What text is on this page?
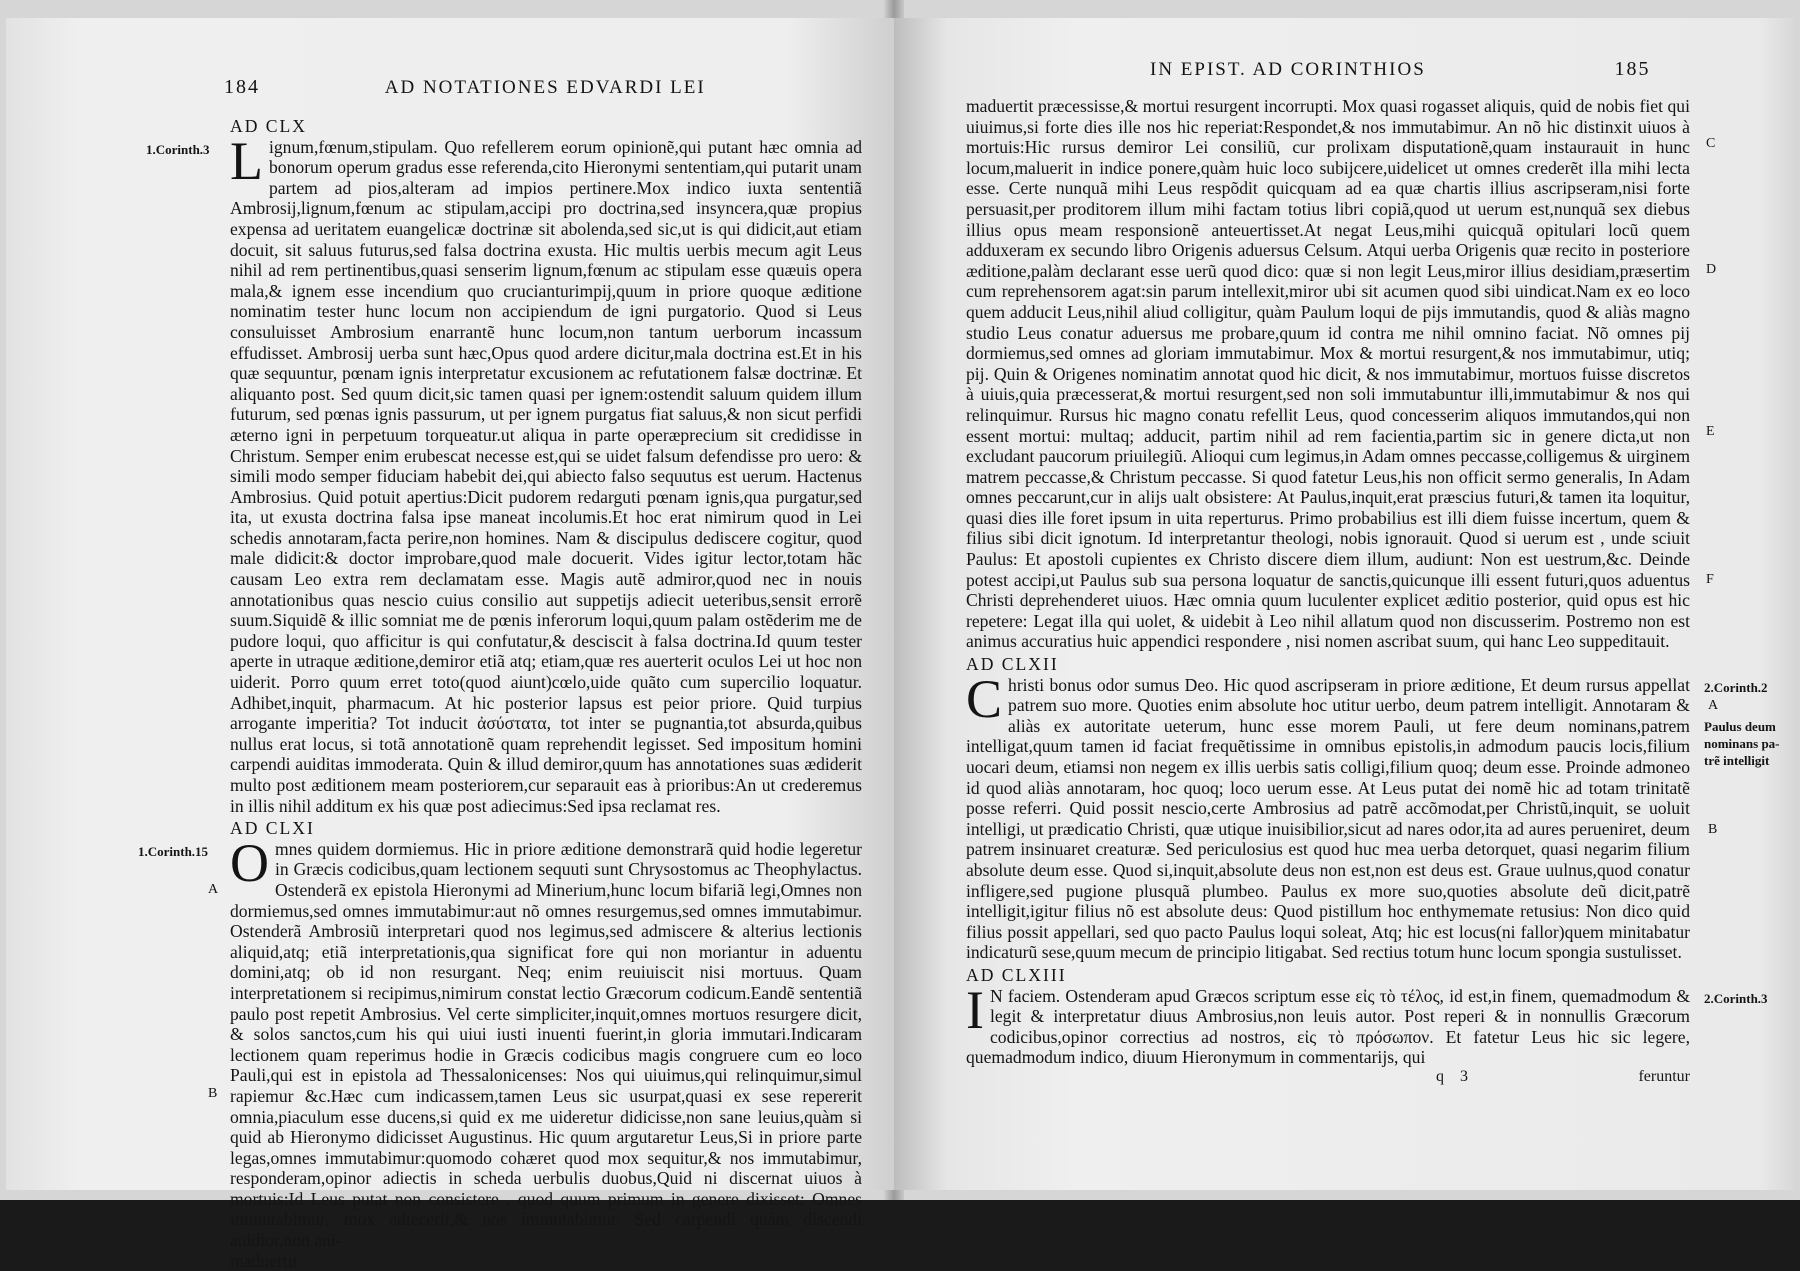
184	AD NOTATIONES EDVARDI LEI

AD CLX

1.Corinth.3 Lignum,fœnum,stipulam. Quo refellerem eorum opinionẽ,qui putant hæc omnia ad bonorum operum gradus esse referenda,cito Hieronymi sententiam,qui putarit unam partem ad pios,alteram ad impios pertinere.Mox indico iuxta sententiã Ambrosij,lignum,fœnum ac stipulam,accipi pro doctrina,sed insyncera,quæ propius expensa ad ueritatem euangelicæ doctrinæ sit abolenda,sed sic,ut is qui didicit,aut etiam docuit, sit saluus futurus,sed falsa doctrina exusta. Hic multis uerbis mecum agit Leus nihil ad rem pertinentibus,quasi senserim lignum,fœnum ac stipulam esse quæuis opera mala,& ignem esse incendium quo crucianturimpij,quum in priore quoque æditione nominatim tester hunc locum non accipiendum de igni purgatorio. Quod si Leus consuluisset Ambrosium enarrantẽ hunc locum,non tantum uerborum incassum effudisset. Ambrosij uerba sunt hæc,Opus quod ardere dicitur,mala doctrina est.Et in his quæ sequuntur, pœnam ignis interpretatur excusionem ac refutationem falsæ doctrinæ. Et aliquanto post. Sed quum dicit,sic tamen quasi per ignem:ostendit saluum quidem illum futurum, sed pœnas ignis passurum, ut per ignem purgatus fiat saluus,& non sicut perfidi æterno igni in perpetuum torqueatur.ut aliqua in parte operæprecium sit credidisse in Christum. Semper enim erubescat necesse est,qui se uidet falsum defendisse pro uero: & simili modo semper fiduciam habebit dei,qui abiecto falso sequutus est uerum. Hactenus Ambrosius. Quid potuit apertius:Dicit pudorem redarguti pœnam ignis,qua purgatur,sed ita, ut exusta doctrina falsa ipse maneat incolumis.Et hoc erat nimirum quod in Lei schedis annotaram,facta perire,non homines. Nam & discipulus dediscere cogitur, quod male didicit:& doctor improbare,quod male docuerit. Vides igitur lector,totam hãc causam Leo extra rem declamatam esse. Magis autẽ admiror,quod nec in nouis annotationibus quas nescio cuius consilio aut suppetijs adiecit ueteribus,sensit errorẽ suum.Siquidẽ & illic somniat me de pœnis inferorum loqui,quum palam ostẽderim me de pudore loqui, quo afficitur is qui confutatur,& desciscit à falsa doctrina.Id quum tester aperte in utraque æditione,demiror etiã atq; etiam,quæ res auerterit oculos Lei ut hoc non uiderit. Porro quum erret toto(quod aiunt)cœlo,uide quãto cum supercilio loquatur. Adhibet,inquit, pharmacum. At hic posterior lapsus est peior priore. Quid turpius arrogante imperitia? Tot inducit ἀσύστατα, tot inter se pugnantia,tot absurda,quibus nullus erat locus, si totã annotationẽ quam reprehendit legisset. Sed impositum homini carpendi auiditas immoderata. Quin & illud demiror,quum has annotationes suas ædiderit multo post æditionem meam posteriorem,cur separauit eas à prioribus:An ut crederemus in illis nihil additum ex his quæ post adiecimus:Sed ipsa reclamat res.

AD CLXI

1.Corinth.15
A
B

Omnes quidem dormiemus. Hic in priore æditione demonstrarã quid hodie legeretur in Græcis codicibus,quam lectionem sequuti sunt Chrysostomus ac Theophylactus. Ostenderã ex epistola Hieronymi ad Minerium,hunc locum bifariã legi,Omnes non dormiemus,sed omnes immutabimur:aut nõ omnes resurgemus,sed omnes immutabimur. Ostenderã Ambrosiũ interpretari quod nos legimus,sed admiscere & alterius lectionis aliquid,atq; etiã interpretationis,qua significat fore qui non moriantur in aduentu domini,atq; ob id non resurgant. Neq; enim reuiuiscit nisi mortuus. Quam interpretationem si recipimus,nimirum constat lectio Græcorum codicum.Eandẽ sententiã paulo post repetit Ambrosius. Vel certe simpliciter,inquit,omnes mortuos resurgere dicit, & solos sanctos,cum his qui uiui iusti inuenti fuerint,in gloria immutari.Indicaram lectionem quam reperimus hodie in Græcis codicibus magis congruere cum eo loco Pauli,qui est in epistola ad Thessalonicenses: Nos qui uiuimus,qui relinquimur,simul rapiemur &c.Hæc cum indicassem,tamen Leus sic usurpat,quasi ex sese repererit omnia,piaculum esse ducens,si quid ex me uideretur didicisse,non sane leuius,quàm si quid ab Hieronymo didicisset Augustinus. Hic quum argutaretur Leus,Si in priore parte legas,omnes immutabimur:quomodo cohæret quod mox sequitur,& nos immutabimur, responderam,opinor adiectis in scheda uerbulis duobus,Quid ni discernat uiuos à mortuis:Id Leus putat non consistere , quod quum primum in genere dixisset: Omnes immutabimur, mox adiecerit,& nos immutabimur. Sed carpendi quàm discendi auidior,non ani-

maduertit

IN EPIST. AD CORINTHIOS	185
C
D
E
F

maduertit præcessisse,& mortui resurgent incorrupti. Mox quasi rogasset aliquis, quid de nobis fiet qui uiuimus,si forte dies ille nos hic reperiat:Respondet,& nos immutabimur. An nõ hic distinxit uiuos à mortuis:Hic rursus demiror Lei consiliũ, cur prolixam disputationẽ,quam instaurauit in hunc locum,maluerit in indice ponere,quàm huic loco subijcere,uidelicet ut omnes crederẽt illa mihi lecta esse. Certe nunquã mihi Leus respõdit quicquam ad ea quæ chartis illius ascripseram,nisi forte persuasit,per proditorem illum mihi factam totius libri copiã,quod ut uerum est,nunquã sex diebus illius opus meam responsionẽ anteuertisset.At negat Leus,mihi quicquã opitulari locũ quem adduxeram ex secundo libro Origenis aduersus Celsum. Atqui uerba Origenis quæ recito in posteriore æditione,palàm declarant esse uerũ quod dico: quæ si non legit Leus,miror illius desidiam,præsertim cum reprehensorem agat:sin parum intellexit,miror ubi sit acumen quod sibi uindicat.Nam ex eo loco quem adducit Leus,nihil aliud colligitur, quàm Paulum loqui de pijs immutandis, quod & aliàs magno studio Leus conatur aduersus me probare,quum id contra me nihil omnino faciat. Nõ omnes pij dormiemus,sed omnes ad gloriam immutabimur. Mox & mortui resurgent,& nos immutabimur, utiq; pij. Quin & Origenes nominatim annotat quod hic dicit, & nos immutabimur, mortuos fuisse discretos à uiuis,quia præcesserat,& mortui resurgent,sed non soli immutabuntur illi,immutabimur & nos qui relinquimur. Rursus hic magno conatu refellit Leus, quod concesserim aliquos immutandos,qui non essent mortui: multaq; adducit, partim nihil ad rem facientia,partim sic in genere dicta,ut non excludant paucorum priuilegiũ. Alioqui cum legimus,in Adam omnes peccasse,colligemus & uirginem matrem peccasse,& Christum peccasse. Si quod fatetur Leus,his non officit sermo generalis, In Adam omnes peccarunt,cur in alijs ualt obsistere: At Paulus,inquit,erat præscius futuri,& tamen ita loquitur, quasi dies ille foret ipsum in uita reperturus. Primo probabilius est illi diem fuisse incertum, quem & filius sibi dicit ignotum. Id interpretantur theologi, nobis ignorauit. Quod si uerum est , unde sciuit Paulus: Et apostoli cupientes ex Christo discere diem illum, audiunt: Non est uestrum,&c. Deinde potest accipi,ut Paulus sub sua persona loquatur de sanctis,quicunque illi essent futuri,quos aduentus Christi deprehenderet uiuos. Hæc omnia quum luculenter explicet æditio posterior, quid opus est hic repetere: Legat illa qui uolet, & uidebit à Leo nihil allatum quod non discusserim. Postremo non est animus accuratius huic appendici respondere , nisi nomen ascribat suum, qui hanc Leo suppeditauit.

AD CLXII

2.Corinth.2
A
Paulus deum
nominans pa-
trẽ intelligit
B

Christi bonus odor sumus Deo. Hic quod ascripseram in priore æditione, Et deum rursus appellat patrem suo more. Quoties enim absolute hoc utitur uerbo, deum patrem intelligit. Annotaram & aliàs ex autoritate ueterum, hunc esse morem Pauli, ut fere deum nominans,patrem intelligat,quum tamen id faciat frequẽtissime in omnibus epistolis,in admodum paucis locis,filium uocari deum, etiamsi non negem ex illis uerbis satis colligi,filium quoq; deum esse. Proinde admoneo id quod aliàs annotaram, hoc quoq; loco uerum esse. At Leus putat dei nomẽ hic ad totam trinitatẽ posse referri. Quid possit nescio,certe Ambrosius ad patrẽ accõmodat,per Christũ,inquit, se uoluit intelligi, ut prædicatio Christi, quæ utique inuisibilior,sicut ad nares odor,ita ad aures perueniret, deum patrem insinuaret creaturæ. Sed periculosius est quod huc mea uerba detorquet, quasi negarim filium absolute deum esse. Quod si,inquit,absolute deus non est,non est deus est. Graue uulnus,quod conatur infligere,sed pugione plusquã plumbeo. Paulus ex more suo,quoties absolute deũ dicit,patrẽ intelligit,igitur filius nõ est absolute deus: Quod pistillum hoc enthymemate retusius: Non dico quid filius possit appellari, sed quo pacto Paulus loqui soleat, Atq; hic est locus(ni fallor)quem minitabatur indicaturũ sese,quum mecum de principio litigabat. Sed rectius totum hunc locum spongia sustulisset.

AD CLXIII

2.Corinth.3

I N faciem. Ostenderam apud Græcos scriptum esse εἰς τὸ τέλος, id est,in finem, quemadmodum & legit & interpretatur diuus Ambrosius,non leuis autor. Post reperi & in nonnullis Græcorum codicibus,opinor correctius ad nostros, εἰς τὸ πρόσωπον. Et fatetur Leus hic sic legere, quemadmodum indico, diuum Hieronymum in commentarijs, qui

q 3	feruntur
